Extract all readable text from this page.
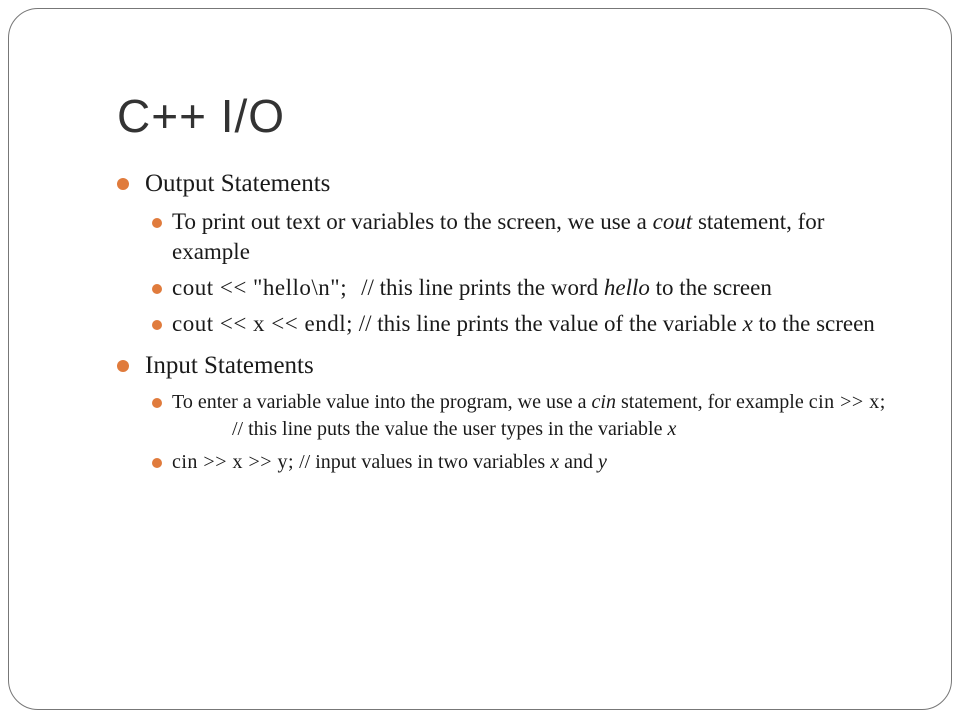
C++ I/O
Output Statements
To print out text or variables to the screen, we use a cout statement, for example
cout << "hello\n"; // this line prints the word hello to the screen
cout << x << endl; // this line prints the value of the variable x to the screen
Input Statements
To enter a variable value into the program, we use a cin statement, for example cin >> x;// this line puts the value the user types in the variable x
cin >> x >> y; // input values in two variables x and y
